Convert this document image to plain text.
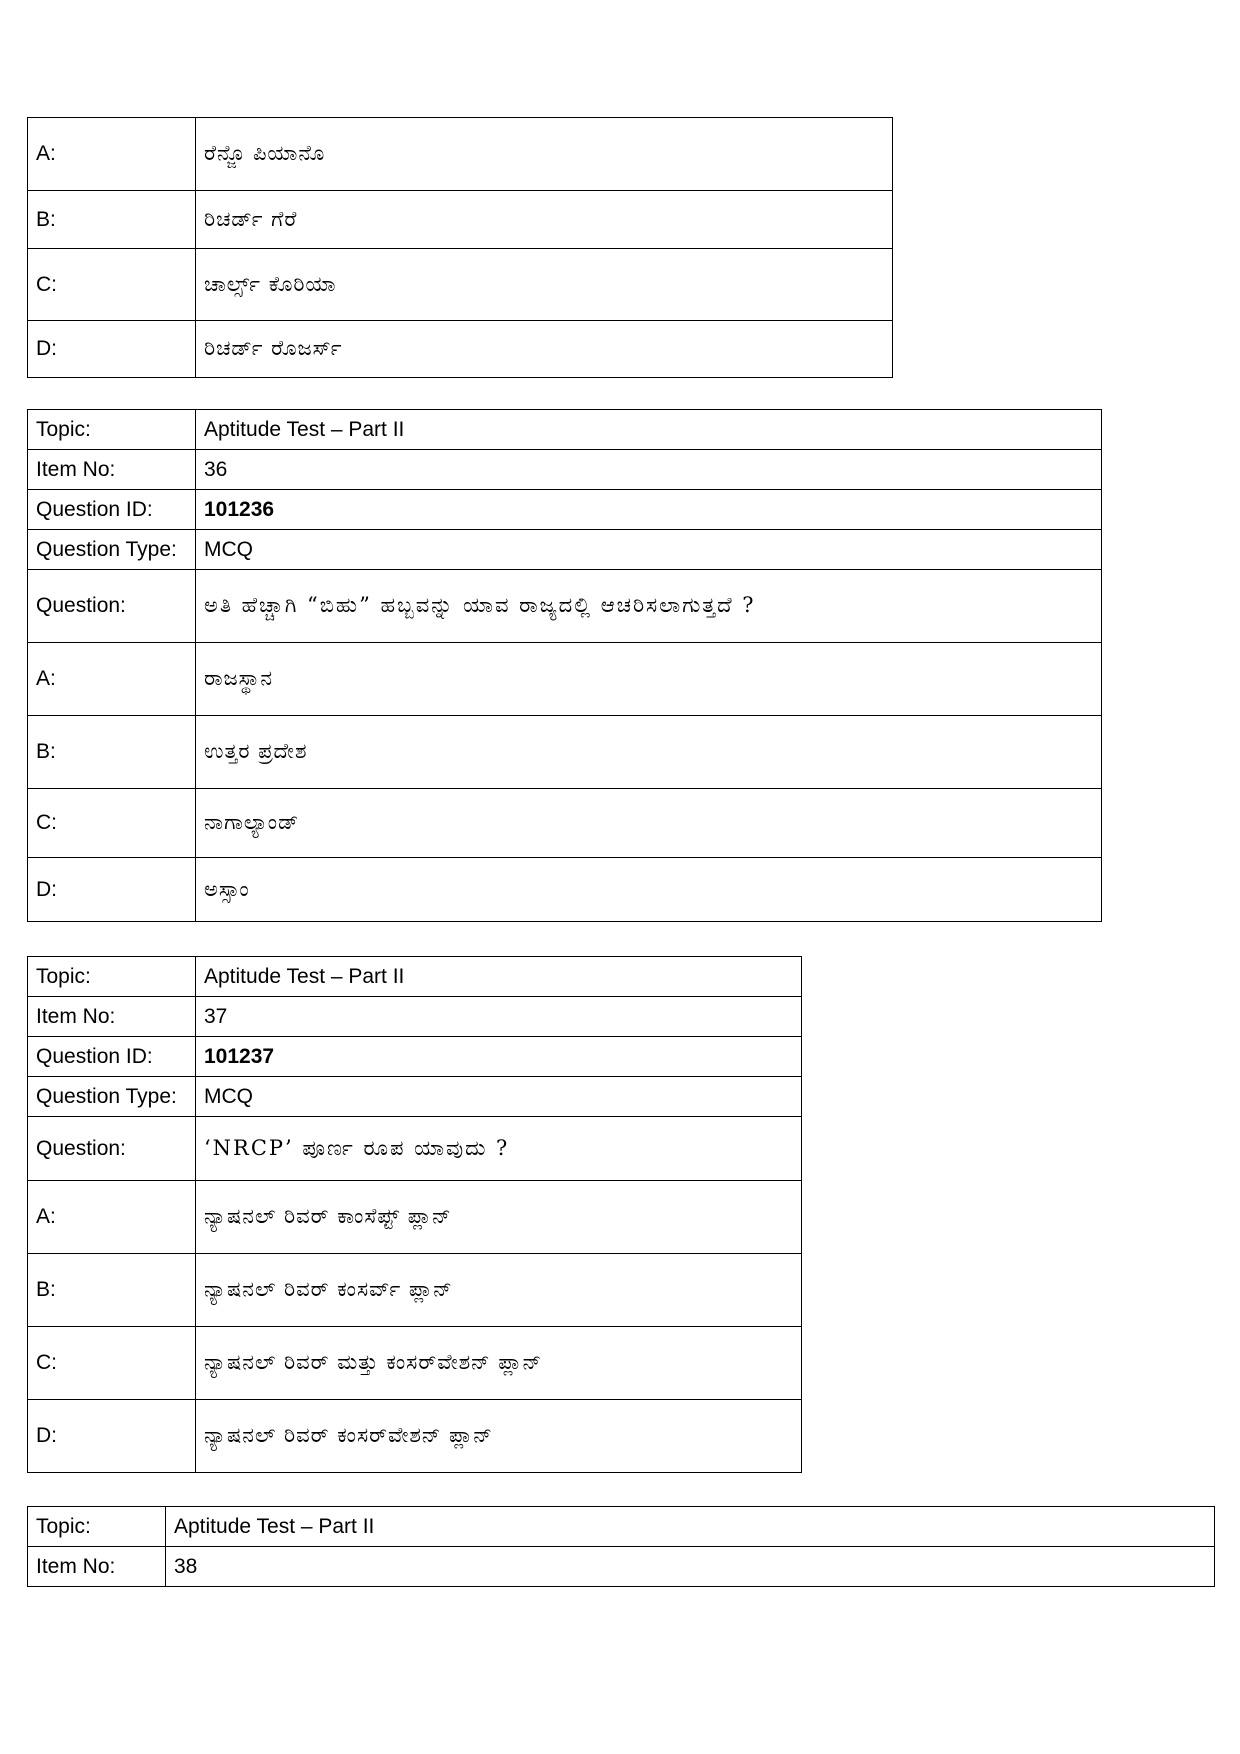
A:	ರೆನ್ಜೊ ಪಿಯಾನೊ
B:	ರಿಚರ್ಡ್ ಗೆರೆ
C:	ಚಾರ್ಲ್ಸ್ ಕೊರಿಯಾ
D:	ರಿಚರ್ಡ್ ರೊಜರ್ಸ್
Topic:	Aptitude Test – Part II
Item No:	36
Question ID:	101236
Question Type:	MCQ
Question:	ಅತಿ ಹೆಚ್ಚಾಗಿ “ಬಿಹು” ಹಬ್ಬವನ್ನು ಯಾವ ರಾಜ್ಯದಲ್ಲಿ ಆಚರಿಸಲಾಗುತ್ತದೆ ?
A:	ರಾಜಸ್ಥಾನ
B:	ಉತ್ತರ ಪ್ರದೇಶ
C:	ನಾಗಾಲ್ಯಾಂಡ್
D:	ಅಸ್ಸಾಂ
Topic:	Aptitude Test – Part II
Item No:	37
Question ID:	101237
Question Type:	MCQ
Question:	‘NRCP’ ಪೂರ್ಣ ರೂಪ ಯಾವುದು ?
A:	ನ್ಯಾಷನಲ್ ರಿವರ್ ಕಾಂಸೆಪ್ಟ್ ಪ್ಲಾನ್
B:	ನ್ಯಾಷನಲ್ ರಿವರ್ ಕಂಸರ್ವ್ ಪ್ಲಾನ್
C:	ನ್ಯಾಷನಲ್ ರಿವರ್ ಮತ್ತು ಕಂಸರ್‌ವೇಶನ್ ಪ್ಲಾನ್
D:	ನ್ಯಾಷನಲ್ ರಿವರ್ ಕಂಸರ್‌ವೇಶನ್ ಪ್ಲಾನ್
Topic:	Aptitude Test – Part II
Item No:	38
